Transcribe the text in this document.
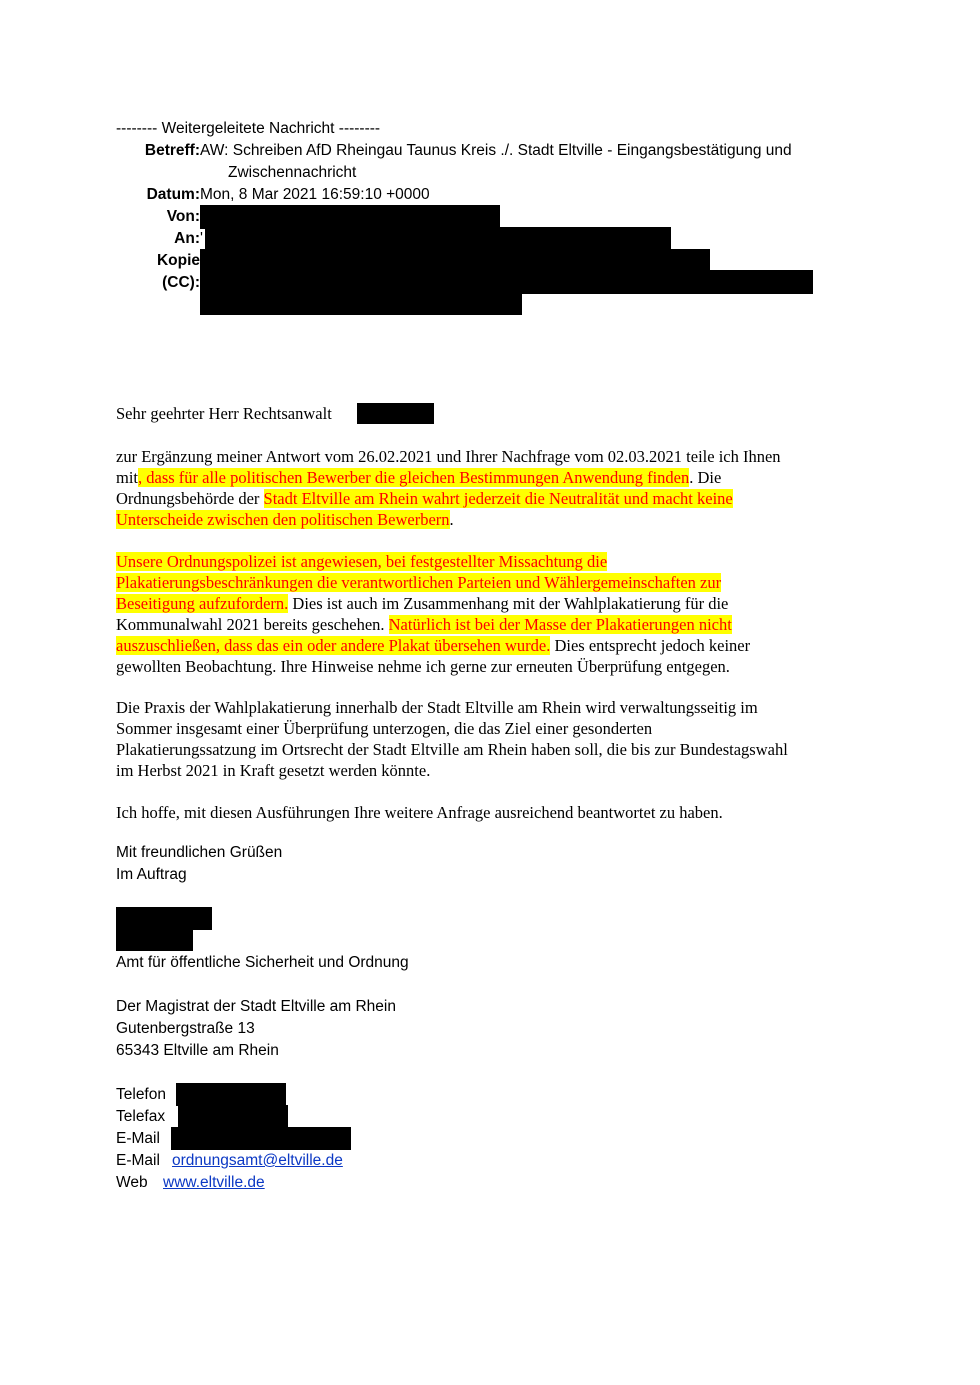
-------- Weitergeleitete Nachricht --------
Betreff: AW: Schreiben AfD Rheingau Taunus Kreis ./. Stadt Eltville - Eingangsbestätigung und
Zwischennachricht
Datum: Mon, 8 Mar 2021 16:59:10 +0000
Von:
An: '
Kopie (CC):
Sehr geehrter Herr Rechtsanwalt
zur Ergänzung meiner Antwort vom 26.02.2021 und Ihrer Nachfrage vom 02.03.2021 teile ich Ihnen
mit, dass für alle politischen Bewerber die gleichen Bestimmungen Anwendung finden. Die
Ordnungsbehörde der Stadt Eltville am Rhein wahrt jederzeit die Neutralität und macht keine
Unterscheide zwischen den politischen Bewerbern.
Unsere Ordnungspolizei ist angewiesen, bei festgestellter Missachtung die
Plakatierungsbeschränkungen die verantwortlichen Parteien und Wählergemeinschaften zur
Beseitigung aufzufordern. Dies ist auch im Zusammenhang mit der Wahlplakatierung für die
Kommunalwahl 2021 bereits geschehen. Natürlich ist bei der Masse der Plakatierungen nicht
auszuschließen, dass das ein oder andere Plakat übersehen wurde. Dies entsprecht jedoch keiner
gewollten Beobachtung. Ihre Hinweise nehme ich gerne zur erneuten Überprüfung entgegen.
Die Praxis der Wahlplakatierung innerhalb der Stadt Eltville am Rhein wird verwaltungsseitig im
Sommer insgesamt einer Überprüfung unterzogen, die das Ziel einer gesonderten
Plakatierungssatzung im Ortsrecht der Stadt Eltville am Rhein haben soll, die bis zur Bundestagswahl
im Herbst 2021 in Kraft gesetzt werden könnte.
Ich hoffe, mit diesen Ausführungen Ihre weitere Anfrage ausreichend beantwortet zu haben.
Mit freundlichen Grüßen
Im Auftrag
Amt für öffentliche Sicherheit und Ordnung
Der Magistrat der Stadt Eltville am Rhein
Gutenbergstraße 13
65343 Eltville am Rhein
Telefon
Telefax
E-Mail
E-Mail ordnungsamt@eltville.de
Web www.eltville.de
